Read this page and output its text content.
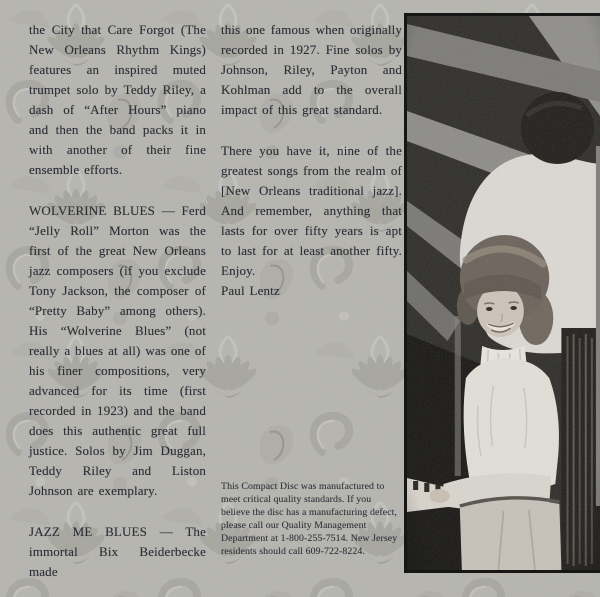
the City that Care Forgot (The New Orleans Rhythm Kings) features an inspired muted trumpet solo by Teddy Riley, a dash of “After Hours” piano and then the band packs it in with another of their fine ensemble efforts.

WOLVERINE BLUES — Ferd “Jelly Roll” Morton was the first of the great New Orleans jazz composers (if you exclude Tony Jackson, the composer of “Pretty Baby” among others). His “Wolverine Blues” (not really a blues at all) was one of his finer compositions, very advanced for its time (first recorded in 1923) and the band does this authentic great full justice. Solos by Jim Duggan, Teddy Riley and Liston Johnson are exemplary.

JAZZ ME BLUES — The immortal Bix Beiderbecke made

this one famous when originally recorded in 1927. Fine solos by Johnson, Riley, Payton and Kohlman add to the overall impact of this great standard.

There you have it, nine of the greatest songs from the realm of [New Orleans traditional jazz]. And remember, anything that lasts for over fifty years is apt to last for at least another fifty. Enjoy.

Paul Lentz

This Compact Disc was manufactured to meet critical quality standards. If you believe the disc has a manufacturing defect, please call our Quality Management Department at 1-800-255-7514. New Jersey residents should call 609-722-8224.
